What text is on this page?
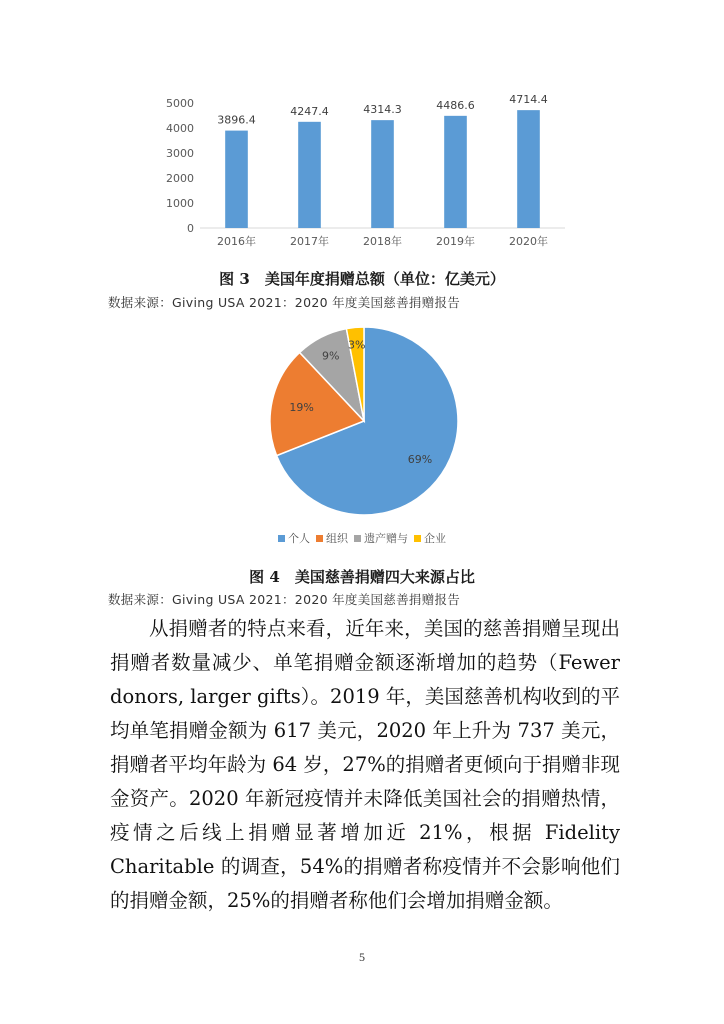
0
1000
2000
3000
4000
5000
3896.4
2016年
4247.4
2017年
4314.3
2018年
4486.6
2019年
4714.4
2020年
图 3　美国年度捐赠总额（单位：亿美元）
数据来源：Giving USA 2021：2020 年度美国慈善捐赠报告
69%
19%
9%
3%
个人 组织 遗产赠与 企业
图 4　美国慈善捐赠四大来源占比
数据来源：Giving USA 2021：2020 年度美国慈善捐赠报告

从捐赠者的特点来看，近年来，美国的慈善捐赠呈现出捐赠者数量减少、单笔捐赠金额逐渐增加的趋势（Fewer donors, larger gifts）。2019 年，美国慈善机构收到的平均单笔捐赠金额为 617 美元，2020 年上升为 737 美元，捐赠者平均年龄为 64 岁，27%的捐赠者更倾向于捐赠非现金资产。2020 年新冠疫情并未降低美国社会的捐赠热情，疫情之后线上捐赠显著增加近 21%，根据 Fidelity Charitable 的调查，54%的捐赠者称疫情并不会影响他们的捐赠金额，25%的捐赠者称他们会增加捐赠金额。

5
